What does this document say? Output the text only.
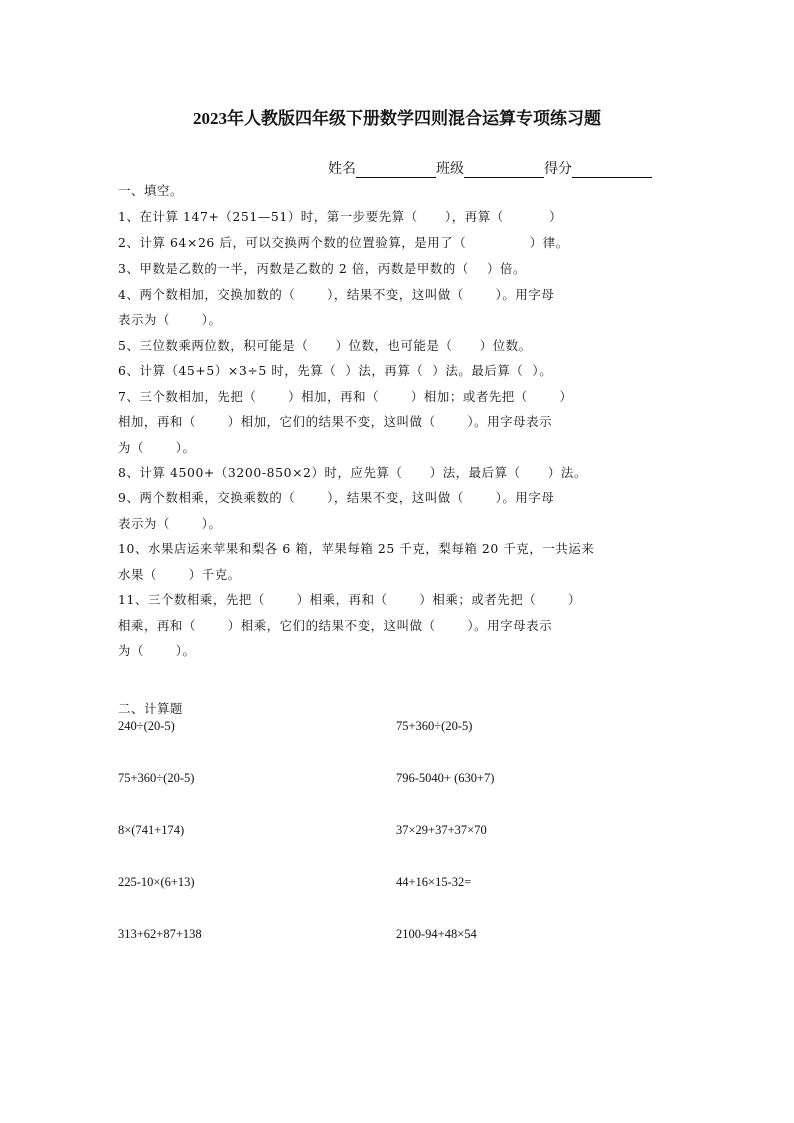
2023年人教版四年级下册数学四则混合运算专项练习题
姓名	班级	得分
一、填空。
1、在计算 147+（251—51）时，第一步要先算（      ），再算（          ）
2、计算 64×26 后，可以交换两个数的位置验算，是用了（              ）律。
3、甲数是乙数的一半，丙数是乙数的 2 倍，丙数是甲数的（    ）倍。
4、两个数相加，交换加数的（       ），结果不变，这叫做（       ）。用字母
表示为（       ）。
5、三位数乘两位数，积可能是（      ）位数，也可能是（      ）位数。
6、计算（45+5）×3÷5 时，先算（  ）法，再算（  ）法。最后算（  ）。
7、三个数相加，先把（       ）相加，再和（       ）相加；或者先把（       ）
相加，再和（       ）相加，它们的结果不变，这叫做（       ）。用字母表示
为（       ）。
8、计算 4500+（3200-850×2）时，应先算（      ）法，最后算（      ）法。
9、两个数相乘，交换乘数的（       ），结果不变，这叫做（       ）。用字母
表示为（       ）。
10、水果店运来苹果和梨各 6 箱，苹果每箱 25 千克，梨每箱 20 千克，一共运来
水果（       ）千克。
11、三个数相乘，先把（       ）相乘，再和（       ）相乘；或者先把（       ）
相乘，再和（       ）相乘，它们的结果不变，这叫做（       ）。用字母表示
为（       ）。
二、计算题
240÷(20-5)
75+360÷(20-5)
8×(741+174)
225-10×(6+13)
313+62+87+138
75+360÷(20-5)
796-5040+ (630+7)
37×29+37+37×70
44+16×15-32=
2100-94+48×54
